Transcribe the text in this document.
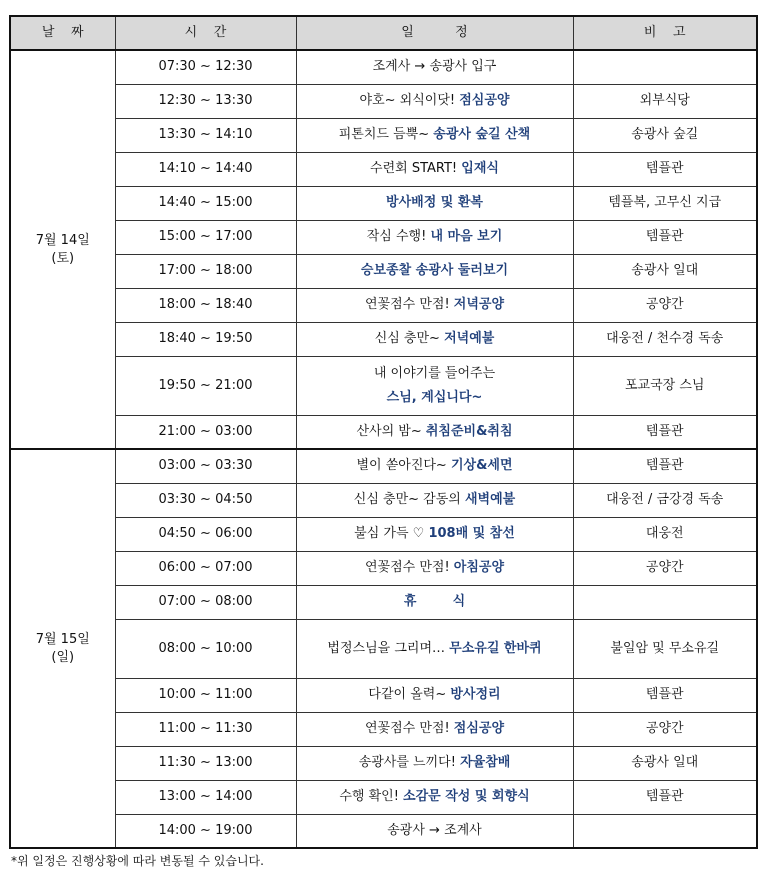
날    짜	시    간	일          정	비    고

7월 14일
(토)	07:30 ~ 12:30	조계사 → 송광사 입구	
	12:30 ~ 13:30	야호~ 외식이닷! 점심공양	외부식당
	13:30 ~ 14:10	피톤치드 듬뿍~ 송광사 숲길 산책	송광사 숲길
	14:10 ~ 14:40	수련회 START! 입재식	템플관
	14:40 ~ 15:00	방사배정 및 환복	템플복, 고무신 지급
	15:00 ~ 17:00	작심 수행! 내 마음 보기	템플관
	17:00 ~ 18:00	승보종찰 송광사 둘러보기	송광사 일대
	18:00 ~ 18:40	연꽃점수 만점! 저녁공양	공양간
	18:40 ~ 19:50	신심 충만~ 저녁예불	대웅전 / 천수경 독송
	19:50 ~ 21:00	내 이야기를 들어주는
스님, 계십니다~	포교국장 스님
	21:00 ~ 03:00	산사의 밤~ 취침준비&취침	템플관

7월 15일
(일)	03:00 ~ 03:30	별이 쏟아진다~ 기상&세면	템플관
	03:30 ~ 04:50	신심 충만~ 감동의 새벽예불	대웅전 / 금강경 독송
	04:50 ~ 06:00	불심 가득 ♡ 108배 및 참선	대웅전
	06:00 ~ 07:00	연꽃점수 만점! 아침공양	공양간
	07:00 ~ 08:00	휴        식	
	08:00 ~ 10:00	법정스님을 그리며… 무소유길 한바퀴	불일암 및 무소유길
	10:00 ~ 11:00	다같이 올력~ 방사정리	템플관
	11:00 ~ 11:30	연꽃점수 만점! 점심공양	공양간
	11:30 ~ 13:00	송광사를 느끼다! 자율참배	송광사 일대
	13:00 ~ 14:00	수행 확인! 소감문 작성 및 회향식	템플관
	14:00 ~ 19:00	송광사 → 조계사	
*위 일정은 진행상황에 따라 변동될 수 있습니다.
